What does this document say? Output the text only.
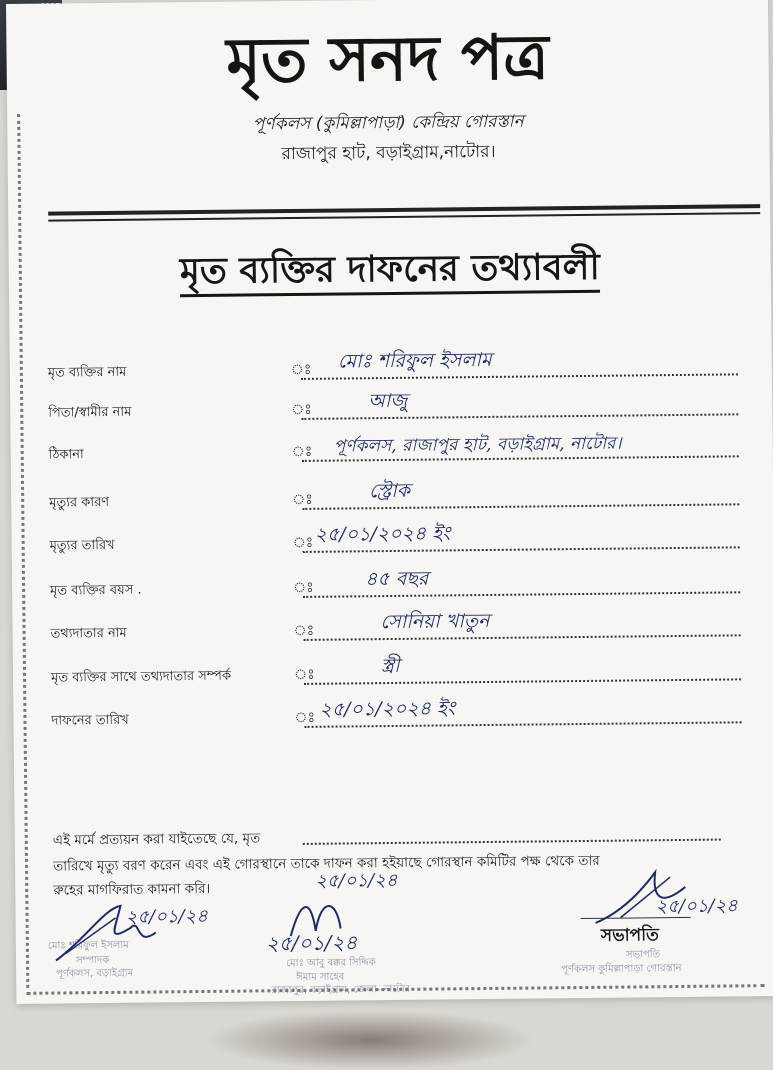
মৃত সনদ পত্র
পূর্ণকলস (কুমিল্লাপাড়া) কেন্দ্রিয় গোরস্তান
রাজাপুর হাট, বড়াইগ্রাম,নাটোর।
মৃত ব্যক্তির দাফনের তথ্যাবলী
মৃত ব্যক্তির নাম	ঃ মোঃ শরিফুল ইসলাম
পিতা/স্বামীর নাম	ঃ	আজু
ঠিকানা	ঃ পূর্ণকলস, রাজাপুর হাট, বড়াইগ্রাম, নাটোর।
মৃত্যুর কারণ	ঃ	স্ট্রোক
মৃত্যুর তারিখ	ঃ ২৫/০১/২০২৪ ইং
মৃত ব্যক্তির বয়স .	ঃ	৪৫ বছর
তথ্যদাতার নাম	ঃ	সোনিয়া খাতুন
মৃত ব্যক্তির সাথে তথ্যদাতার সম্পর্ক	ঃ	স্ত্রী
দাফনের তারিখ	ঃ ২৫/০১/২০২৪ ইং
এই মর্মে প্রত্যয়ন করা যাইতেছে যে, মৃত
তারিখে মৃত্যু বরণ করেন এবং এই গোরস্থানে তাকে দাফন করা হইয়াছে গোরস্থান কমিটির পক্ষ থেকে তার
রুহের মাগফিরাত কামনা করি।	২৫/০১/২৪
২৫/০১/২৪
মোঃ শরিফুল ইসলাম
সম্পাদক
পূর্ণকলস, বড়াইগ্রাম
২৫/০১/২৪
মোঃ আবু বক্কর সিদ্দিক
ঈমাম সাহেব
রাজাপুর, বড়াইগ্রাম, জেলা- নাটোর
২৫/০১/২৪
সভাপতি
সভাপতি
পূর্ণকলস কুমিল্লাপাড়া গোরস্তান
